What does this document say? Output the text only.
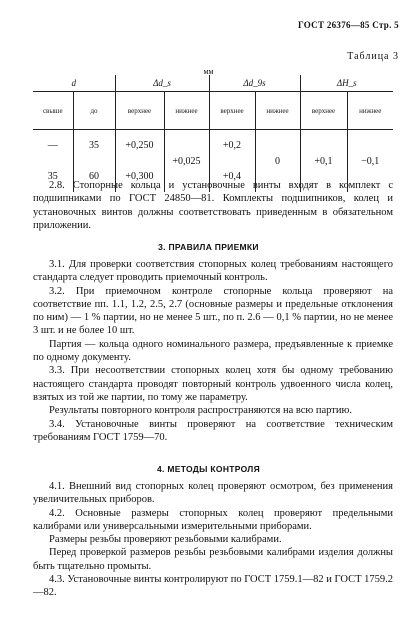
ГОСТ 26376—85 Стр. 5
Таблица 3
мм
d		Δd_s		Δd_9s		ΔH_s	
свыше	до	верхнее	нижнее	верхнее	нижнее	верхнее	нижнее
—	35	+0,250	+0,025	+0,2	0	+0,1	−0,1
35	60	+0,300		+0,4			

2.8. Стопорные кольца и установочные винты входят в комплект с подшипниками по ГОСТ 24850—81. Комплекты подшипников, колец и установочных винтов должны соответствовать приведенным в обязательном приложении.

3. ПРАВИЛА ПРИЕМКИ

3.1. Для проверки соответствия стопорных колец требованиям настоящего стандарта следует проводить приемочный контроль.

3.2. При приемочном контроле стопорные кольца проверяют на соответствие пп. 1.1, 1.2, 2.5, 2.7 (основные размеры и предельные отклонения по ним) — 1 % партии, но не менее 5 шт., по п. 2.6 — 0,1 % партии, но не менее 3 шт. и не более 10 шт.

Партия — кольца одного номинального размера, предъявленные к приемке по одному документу.

3.3. При несоответствии стопорных колец хотя бы одному требованию настоящего стандарта проводят повторный контроль удвоенного числа колец, взятых из той же партии, по тому же параметру.

Результаты повторного контроля распространяются на всю партию.

3.4. Установочные винты проверяют на соответствие техническим требованиям ГОСТ 1759—70.

4. МЕТОДЫ КОНТРОЛЯ

4.1. Внешний вид стопорных колец проверяют осмотром, без применения увеличительных приборов.

4.2. Основные размеры стопорных колец проверяют предельными калибрами или универсальными измерительными приборами.

Размеры резьбы проверяют резьбовыми калибрами.

Перед проверкой размеров резьбы резьбовыми калибрами изделия должны быть тщательно промыты.

4.3. Установочные винты контролируют по ГОСТ 1759.1—82 и ГОСТ 1759.2—82.
